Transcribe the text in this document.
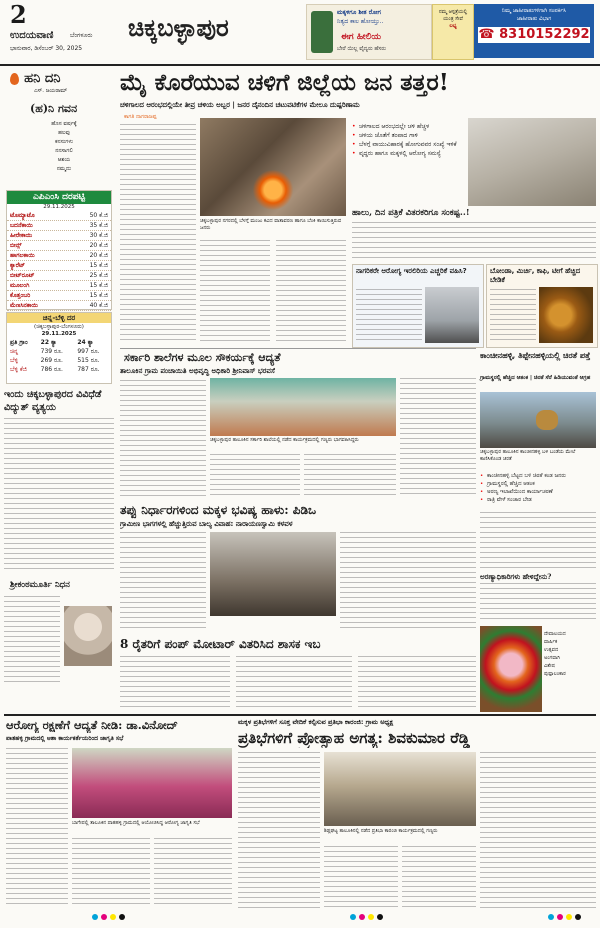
2
ಉದಯವಾಣಿ	ಬೆಂಗಳೂರು
ಭಾನುವಾರ, ಡಿಸೆಂಬರ್ 30, 2025
ಚಿಕ್ಕಬಳ್ಳಾಪುರ
ಮಕ್ಕಳಿಗೂ ಶೀತ ರೋಗ
ನಿತ್ಯದ ಕಾಲ ಹೋಯ್ತು..
ಈಗ ಹೀಲಿಯ
ಬೇರೆ ಯಿಲ್ಲ ವೈದ್ಯರು ಹೆಸರು
ನಮ್ಮ ಆಸ್ಪತ್ರೆಯಲ್ಲಿ
ಯಂತ್ರ ಸೇವೆ
ಲಭ್ಯ
ನಿಮ್ಮ ಜಾಹೀರಾತುಗಳಿಗಾಗಿ ಸಂಪರ್ಕಿಸಿ
ಜಾಹೀರಾತು ವಿಭಾಗ
☎ 8310152292
ಹನಿ ದನಿ
ಎಸ್. ಜಯರಾಮ್
(ಹ)ನಿ ಗವನ
ಹೊಸ ವರ್ಷಕ್ಕೆ
ಹಲವು
ಕನಸುಗಳು
ನನಸಾಗಲಿ
ಆಶಯ
ನಮ್ಮದು
ಎಪಿಎಂಸಿ ದರಪಟ್ಟಿ
29.11.2025
ಟೊಮ್ಯಾಟೊ	50 ಕೆ.ಜಿ
ಬದನೆಕಾಯಿ	35 ಕೆ.ಜಿ
ಹೀರೇಕಾಯಿ	30 ಕೆ.ಜಿ
ಬೀನ್ಸ್	20 ಕೆ.ಜಿ
ಹಾಗಲಕಾಯಿ	20 ಕೆ.ಜಿ
ಕ್ಯಾರೆಟ್	15 ಕೆ.ಜಿ
ಬೀಟ್‌ರೂಟ್	25 ಕೆ.ಜಿ
ಮೂಲಂಗಿ	15 ಕೆ.ಜಿ
ಕೊತ್ತಂಬರಿ	15 ಕೆ.ಜಿ
ಮೆಣಸಿನಕಾಯಿ	40 ಕೆ.ಜಿ
ಚಿನ್ನ-ಬೆಳ್ಳಿ ದರ
(ಚಿಕ್ಕಬಳ್ಳಾಪುರ-ಬೆಂಗಳೂರು)
29.11.2025
ಪ್ರತಿ ಗ್ರಾಂ	22 ಕ್ಯಾ	24 ಕ್ಯಾ
ಚಿನ್ನ	739 ರೂ.	997 ರೂ.
ಬೆಳ್ಳಿ	269 ರೂ.	515 ರೂ.
ಬೆಳ್ಳಿ ಕೆಜಿ	786 ರೂ.	787 ರೂ.
ಇಂದು ಚಿಕ್ಕಬಳ್ಳಾಪುರದ ವಿವಿಧೆಡೆ ವಿದ್ಯುತ್ ವ್ಯತ್ಯಯ
ಶ್ರೀಕಂಠಮೂರ್ತಿ ನಿಧನ
ಮೈ ಕೊರೆಯುವ ಚಳಿಗೆ ಜಿಲ್ಲೆಯ ಜನ ತತ್ತರ!
ಚಳಿಗಾಲದ ಆರಂಭದಲ್ಲಿಯೇ ತೀವ್ರ ಚಳಿಯ ಅಬ್ಬರ | ಜನರ ದೈನಂದಿನ ಚಟುವಟಿಕೆಗಳ ಮೇಲೂ ದುಷ್ಪರಿಣಾಮ
ಕಾಗತಿ ನಾಗರಾಜಪ್ಪ
ಚಿಕ್ಕಬಳ್ಳಾಪುರ ನಗರದಲ್ಲಿ ಬೆಳಗ್ಗೆ ಮಂಜು ಕವಿದ ವಾತಾವರಣ ಹಾಗೂ ಬೆಂಕಿ ಕಾಯಿಸುತ್ತಿರುವ ಜನರು
• ಚಳಿಗಾಲದ ಆರಂಭದಲ್ಲೇ ಚಳಿ ಹೆಚ್ಚಳ
• ಚಳಿಯ ಜೊತೆಗೆ ತಂಪಾದ ಗಾಳಿ
• ಬೆಳಗ್ಗೆ ವಾಯುವಿಹಾರಕ್ಕೆ ಹೋಗುವವರ ಸಂಖ್ಯೆ ಇಳಿಕೆ
• ವೃದ್ಧರು ಹಾಗೂ ಮಕ್ಕಳಲ್ಲಿ ಆರೋಗ್ಯ ಸಮಸ್ಯೆ
ಹಾಲು, ದಿನ ಪತ್ರಿಕೆ ವಿತರಕರಿಗೂ ಸಂಕಷ್ಟ..!
ನಾಗರಿಕರೇ ಆರೋಗ್ಯ ಇರಲಿರಿಯ ಎಚ್ಚರಿಕೆ ವಹಿಸಿ?	ಬೋಂಡಾ, ಮಿರ್ಚಿ, ಕಾಫಿ, ಟೀಗೆ ಹೆಚ್ಚಿದ ಬೇಡಿಕೆ
ಸರ್ಕಾರಿ ಶಾಲೆಗಳ ಮೂಲ ಸೌಕರ್ಯಕ್ಕೆ ಆದ್ಯತೆ
ತಾಲೂಕಿನ ಗ್ರಾಮ ಪಂಚಾಯಿತಿ ಅಭಿವೃದ್ಧಿ ಅಧಿಕಾರಿ ಶ್ರೀನಿವಾಸ್ ಭರವಸೆ
ಚಿಕ್ಕಬಳ್ಳಾಪುರ ತಾಲೂಕಿನ ಸರ್ಕಾರಿ ಶಾಲೆಯಲ್ಲಿ ನಡೆದ ಕಾರ್ಯಕ್ರಮದಲ್ಲಿ ಗಣ್ಯರು ಭಾಗವಹಿಸಿದ್ದರು
ತಪ್ಪು ನಿರ್ಧಾರಗಳಿಂದ ಮಕ್ಕಳ ಭವಿಷ್ಯ ಹಾಳು: ಪಿಡಿಒ
ಗ್ರಾಮೀಣ ಭಾಗಗಳಲ್ಲಿ ಹೆಚ್ಚುತ್ತಿರುವ ಬಾಲ್ಯ ವಿವಾಹ: ನಾರಾಯಣಸ್ವಾಮಿ ಕಳವಳ
8 ರೈತರಿಗೆ ಪಂಪ್ ಮೋಟಾರ್ ವಿತರಿಸಿದ ಶಾಸಕ ಇಬ
ಕಾಂಚೀನಹಳ್ಳಿ, ತಿಪ್ಪೇನಹಳ್ಳಿಯಲ್ಲಿ ಚಿರತೆ ಪತ್ತೆ
ಗ್ರಾಮಸ್ಥರಲ್ಲಿ ಹೆಚ್ಚಿದ ಆತಂಕ | ಚಿರತೆ ಸೆರೆ ಹಿಡಿಯುವಂತೆ ಆಗ್ರಹ
ಚಿಕ್ಕಬಳ್ಳಾಪುರ ತಾಲೂಕಿನ ಕಾಂಚೀನಹಳ್ಳಿ ಬಳಿ ಬಂಡೆಯ ಮೇಲೆ ಕಾಣಿಸಿಕೊಂಡ ಚಿರತೆ
• ಕಾಂಚೀನಹಳ್ಳಿ ಬೆಟ್ಟದ ಬಳಿ ಚಿರತೆ ಕಂಡ ಜನರು
• ಗ್ರಾಮಸ್ಥರಲ್ಲಿ ಹೆಚ್ಚಿದ ಆತಂಕ
• ಅರಣ್ಯ ಇಲಾಖೆಯಿಂದ ಕಾರ್ಯಾಚರಣೆ
• ರಾತ್ರಿ ವೇಳೆ ಸಂಚಾರ ಬೇಡ
ಅರಣ್ಯಾಧಿಕಾರಿಗಳು ಹೇಳಿದ್ದೇನು?
ದೇವಾಲಯದ
ವಾರ್ಷಿಕ
ಉತ್ಸವದ
ಅಂಗವಾಗಿ
ವಿಶೇಷ
ಪುಷ್ಪಾಲಂಕಾರ
ಆರೋಗ್ಯ ರಕ್ಷಣೆಗೆ ಆದ್ಯತೆ ನೀಡಿ: ಡಾ.ವಿನೋದ್
ಪಾತಹಳ್ಳಿ ಗ್ರಾಮದಲ್ಲಿ ಆಶಾ ಕಾರ್ಯಕರ್ತೆಯರಿಂದ ಜಾಗೃತಿ ಸಭೆ
ಬಾಗೇಪಲ್ಲಿ ತಾಲೂಕಿನ ಪಾತಹಳ್ಳಿ ಗ್ರಾಮದಲ್ಲಿ ಆಯೋಜಿಸಿದ್ದ ಆರೋಗ್ಯ ಜಾಗೃತಿ ಸಭೆ
ಮಕ್ಕಳ ಪ್ರತಿಭೆಗಳಿಗೆ ಸೂಕ್ತ ವೇದಿಕೆ ಕಲ್ಪಿಸುವ ಪ್ರತಿಭಾ ಕಾರಂಜಿ: ಗ್ರಾಮ ಅಧ್ಯಕ್ಷ
ಪ್ರತಿಭೆಗಳಿಗೆ ಪ್ರೋತ್ಸಾಹ ಅಗತ್ಯ: ಶಿವಕುಮಾರ ರೆಡ್ಡಿ
ಶಿಡ್ಲಘಟ್ಟ ತಾಲೂಕಿನಲ್ಲಿ ನಡೆದ ಪ್ರತಿಭಾ ಕಾರಂಜಿ ಕಾರ್ಯಕ್ರಮದಲ್ಲಿ ಗಣ್ಯರು
